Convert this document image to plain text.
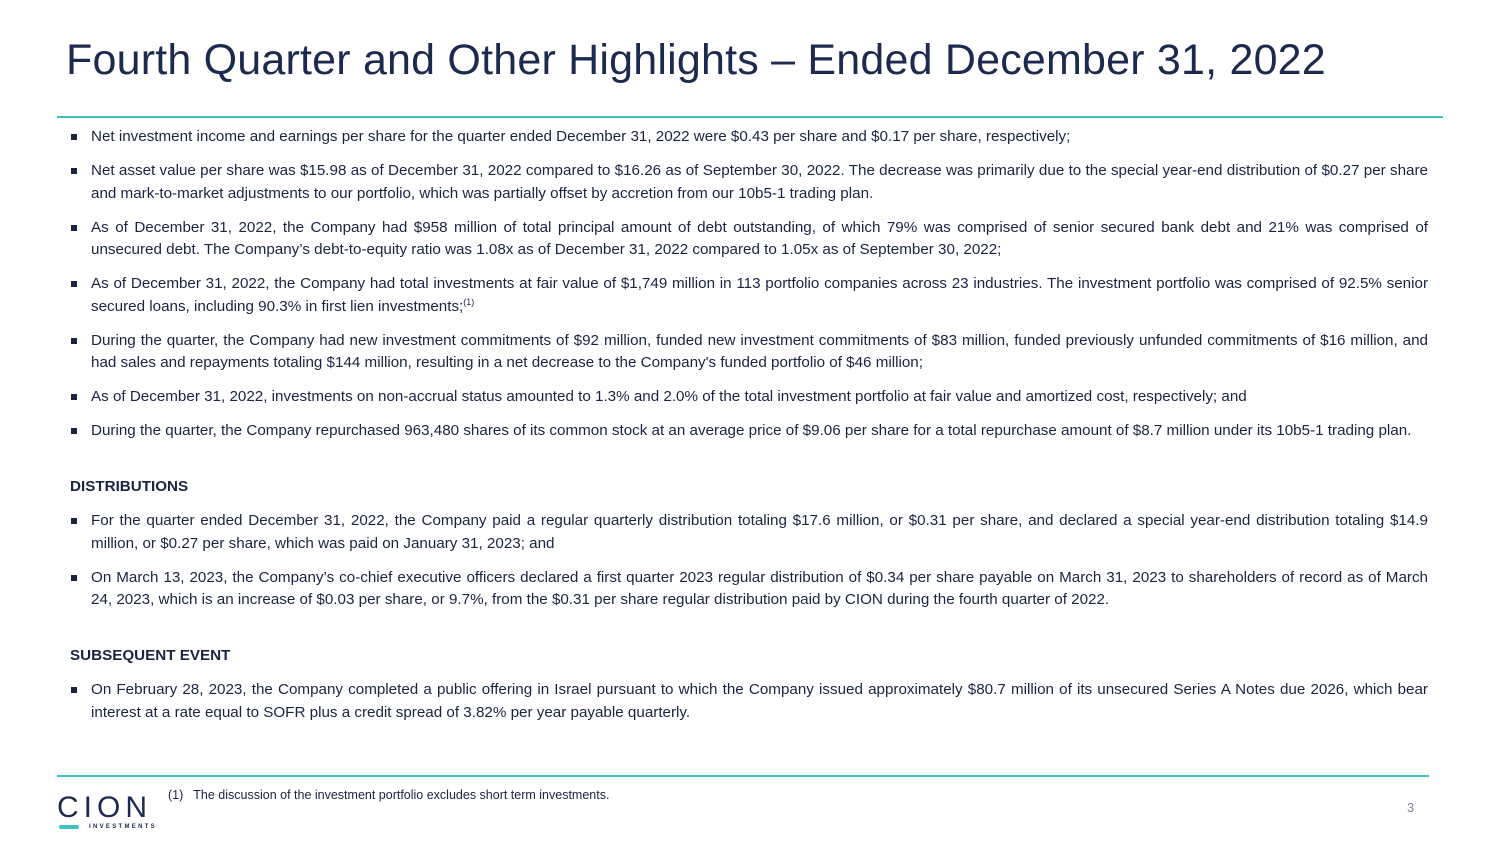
Fourth Quarter and Other Highlights – Ended December 31, 2022
Net investment income and earnings per share for the quarter ended December 31, 2022 were $0.43 per share and $0.17 per share, respectively;
Net asset value per share was $15.98 as of December 31, 2022 compared to $16.26 as of September 30, 2022. The decrease was primarily due to the special year-end distribution of $0.27 per share and mark-to-market adjustments to our portfolio, which was partially offset by accretion from our 10b5-1 trading plan.
As of December 31, 2022, the Company had $958 million of total principal amount of debt outstanding, of which 79% was comprised of senior secured bank debt and 21% was comprised of unsecured debt. The Company’s debt-to-equity ratio was 1.08x as of December 31, 2022 compared to 1.05x as of September 30, 2022;
As of December 31, 2022, the Company had total investments at fair value of $1,749 million in 113 portfolio companies across 23 industries. The investment portfolio was comprised of 92.5% senior secured loans, including 90.3% in first lien investments;$^{(1)}$
During the quarter, the Company had new investment commitments of $92 million, funded new investment commitments of $83 million, funded previously unfunded commitments of $16 million, and had sales and repayments totaling $144 million, resulting in a net decrease to the Company's funded portfolio of $46 million;
As of December 31, 2022, investments on non-accrual status amounted to 1.3% and 2.0% of the total investment portfolio at fair value and amortized cost, respectively; and
During the quarter, the Company repurchased 963,480 shares of its common stock at an average price of $9.06 per share for a total repurchase amount of $8.7 million under its 10b5-1 trading plan.
DISTRIBUTIONS
For the quarter ended December 31, 2022, the Company paid a regular quarterly distribution totaling $17.6 million, or $0.31 per share, and declared a special year-end distribution totaling $14.9 million, or $0.27 per share, which was paid on January 31, 2023; and
On March 13, 2023, the Company’s co-chief executive officers declared a first quarter 2023 regular distribution of $0.34 per share payable on March 31, 2023 to shareholders of record as of March 24, 2023, which is an increase of $0.03 per share, or 9.7%, from the $0.31 per share regular distribution paid by CION during the fourth quarter of 2022.
SUBSEQUENT EVENT
On February 28, 2023, the Company completed a public offering in Israel pursuant to which the Company issued approximately $80.7 million of its unsecured Series A Notes due 2026, which bear interest at a rate equal to SOFR plus a credit spread of 3.82% per year payable quarterly.
CION
INVESTMENTS
(1) The discussion of the investment portfolio excludes short term investments.
3
